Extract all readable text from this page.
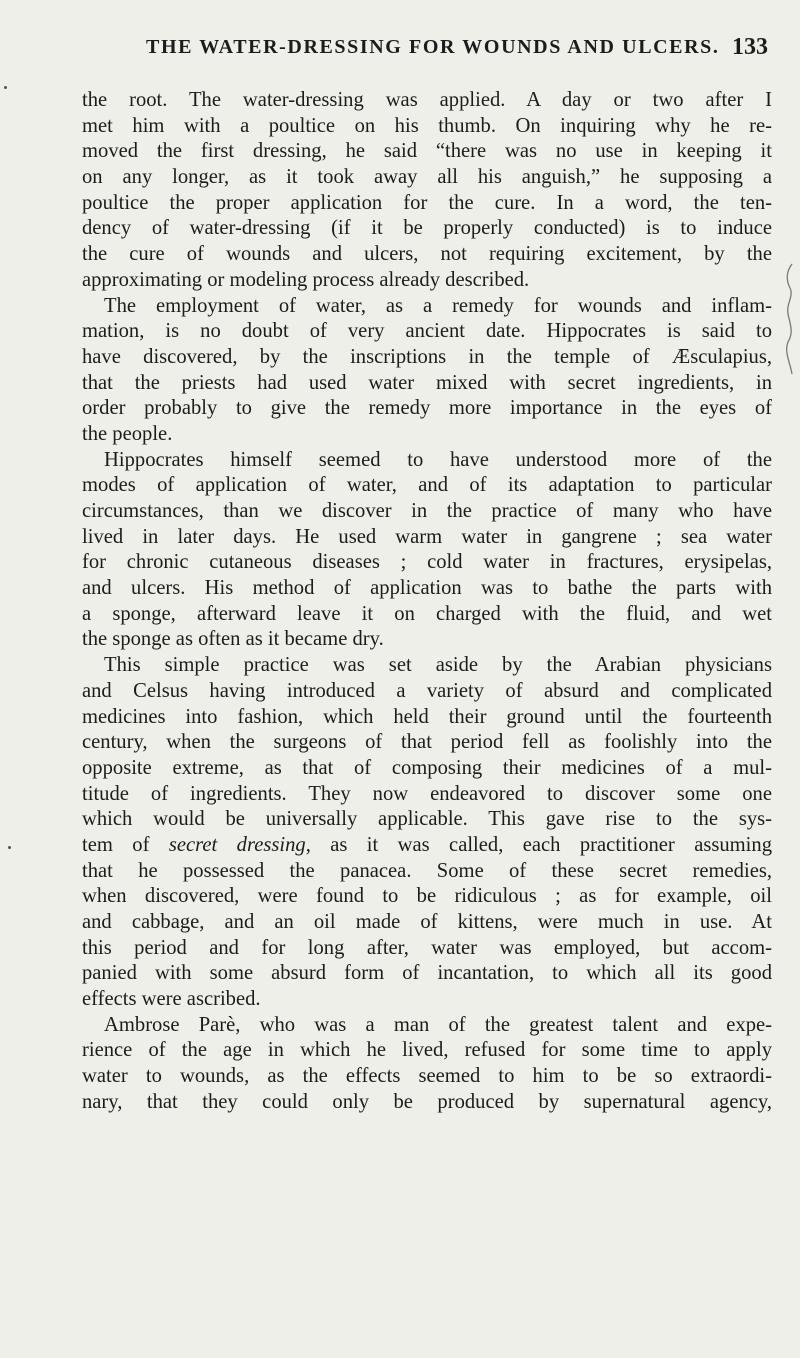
THE WATER-DRESSING FOR WOUNDS AND ULCERS. 133
the root. The water-dressing was applied. A day or two after I
met him with a poultice on his thumb. On inquiring why he re-
moved the first dressing, he said “there was no use in keeping it
on any longer, as it took away all his anguish,” he supposing a
poultice the proper application for the cure. In a word, the ten-
dency of water-dressing (if it be properly conducted) is to induce
the cure of wounds and ulcers, not requiring excitement, by the
approximating or modeling process already described.
The employment of water, as a remedy for wounds and inflam-
mation, is no doubt of very ancient date. Hippocrates is said to
have discovered, by the inscriptions in the temple of Æsculapius,
that the priests had used water mixed with secret ingredients, in
order probably to give the remedy more importance in the eyes of
the people.
Hippocrates himself seemed to have understood more of the
modes of application of water, and of its adaptation to particular
circumstances, than we discover in the practice of many who have
lived in later days. He used warm water in gangrene ; sea water
for chronic cutaneous diseases ; cold water in fractures, erysipelas,
and ulcers. His method of application was to bathe the parts with
a sponge, afterward leave it on charged with the fluid, and wet
the sponge as often as it became dry.
This simple practice was set aside by the Arabian physicians
and Celsus having introduced a variety of absurd and complicated
medicines into fashion, which held their ground until the fourteenth
century, when the surgeons of that period fell as foolishly into the
opposite extreme, as that of composing their medicines of a mul-
titude of ingredients. They now endeavored to discover some one
which would be universally applicable. This gave rise to the sys-
tem of secret dressing, as it was called, each practitioner assuming
that he possessed the panacea. Some of these secret remedies,
when discovered, were found to be ridiculous ; as for example, oil
and cabbage, and an oil made of kittens, were much in use. At
this period and for long after, water was employed, but accom-
panied with some absurd form of incantation, to which all its good
effects were ascribed.
Ambrose Parè, who was a man of the greatest talent and expe-
rience of the age in which he lived, refused for some time to apply
water to wounds, as the effects seemed to him to be so extraordi-
nary, that they could only be produced by supernatural agency,
